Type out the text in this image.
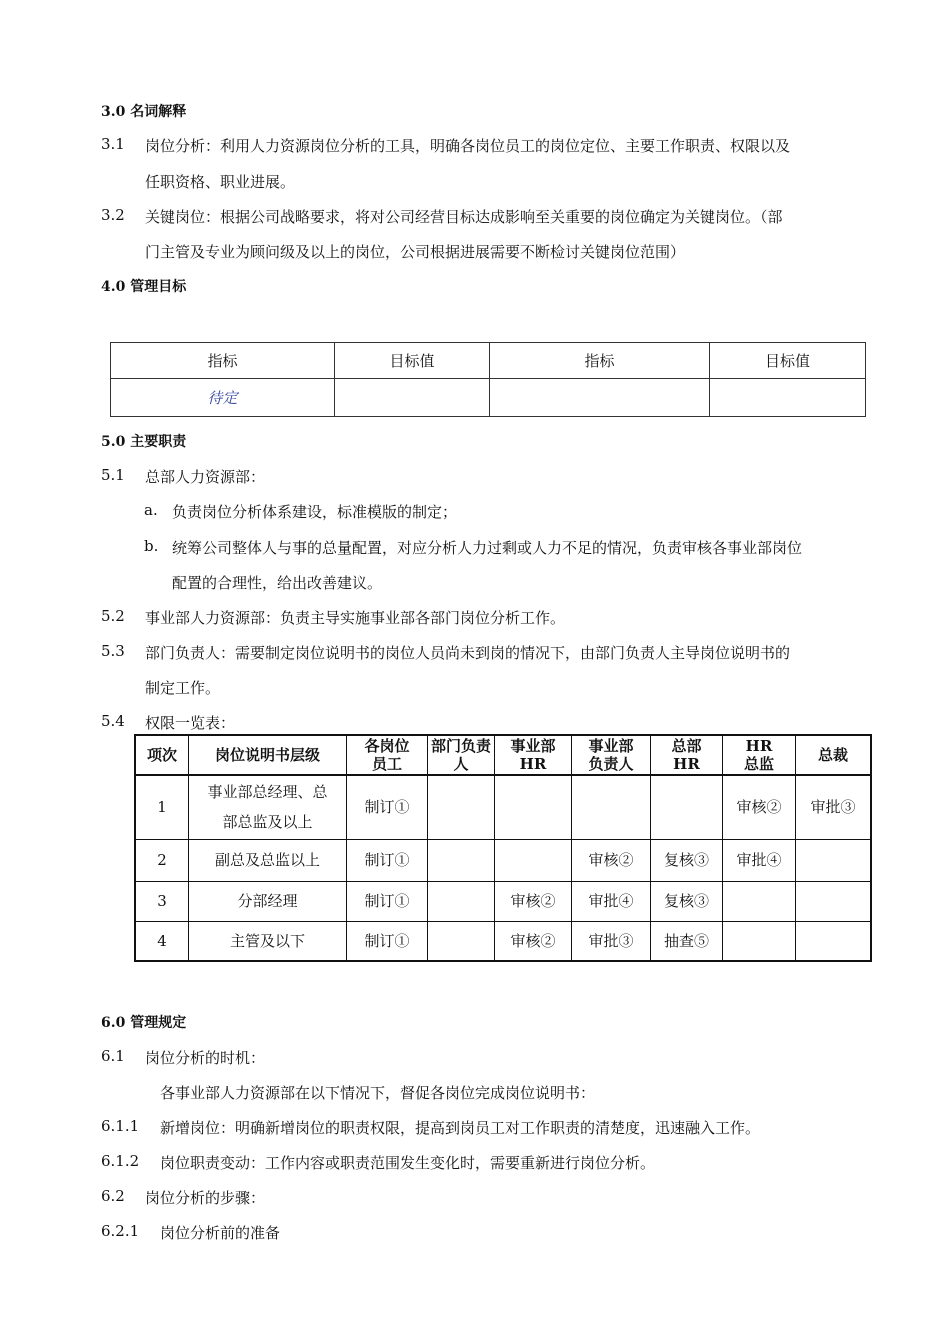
3.0 名词解释
3.1 岗位分析：利用人力资源岗位分析的工具，明确各岗位员工的岗位定位、主要工作职责、权限以及
任职资格、职业进展。
3.2 关键岗位：根据公司战略要求，将对公司经营目标达成影响至关重要的岗位确定为关键岗位。（部
门主管及专业为顾问级及以上的岗位，公司根据进展需要不断检讨关键岗位范围）
4.0 管理目标
指标	目标值	指标	目标值
待定			
5.0 主要职责
5.1 总部人力资源部：
a. 负责岗位分析体系建设，标准模版的制定；
b. 统筹公司整体人与事的总量配置，对应分析人力过剩或人力不足的情况，负责审核各事业部岗位
配置的合理性，给出改善建议。
5.2 事业部人力资源部：负责主导实施事业部各部门岗位分析工作。
5.3 部门负责人：需要制定岗位说明书的岗位人员尚未到岗的情况下，由部门负责人主导岗位说明书的
制定工作。
5.4 权限一览表：
项次	岗位说明书层级	各岗位员工	部门负责人	事业部HR	事业部负责人	总部HR	HR总监	总裁
1	事业部总经理、总部总监及以上	制订①					审核②	审批③
2	副总及总监以上	制订①			审核②	复核③	审批④	
3	分部经理	制订①		审核②	审批④	复核③		
4	主管及以下	制订①		审核②	审批③	抽查⑤		
6.0 管理规定
6.1 岗位分析的时机：
各事业部人力资源部在以下情况下，督促各岗位完成岗位说明书：
6.1.1 新增岗位：明确新增岗位的职责权限，提高到岗员工对工作职责的清楚度，迅速融入工作。
6.1.2 岗位职责变动：工作内容或职责范围发生变化时，需要重新进行岗位分析。
6.2 岗位分析的步骤：
6.2.1 岗位分析前的准备
